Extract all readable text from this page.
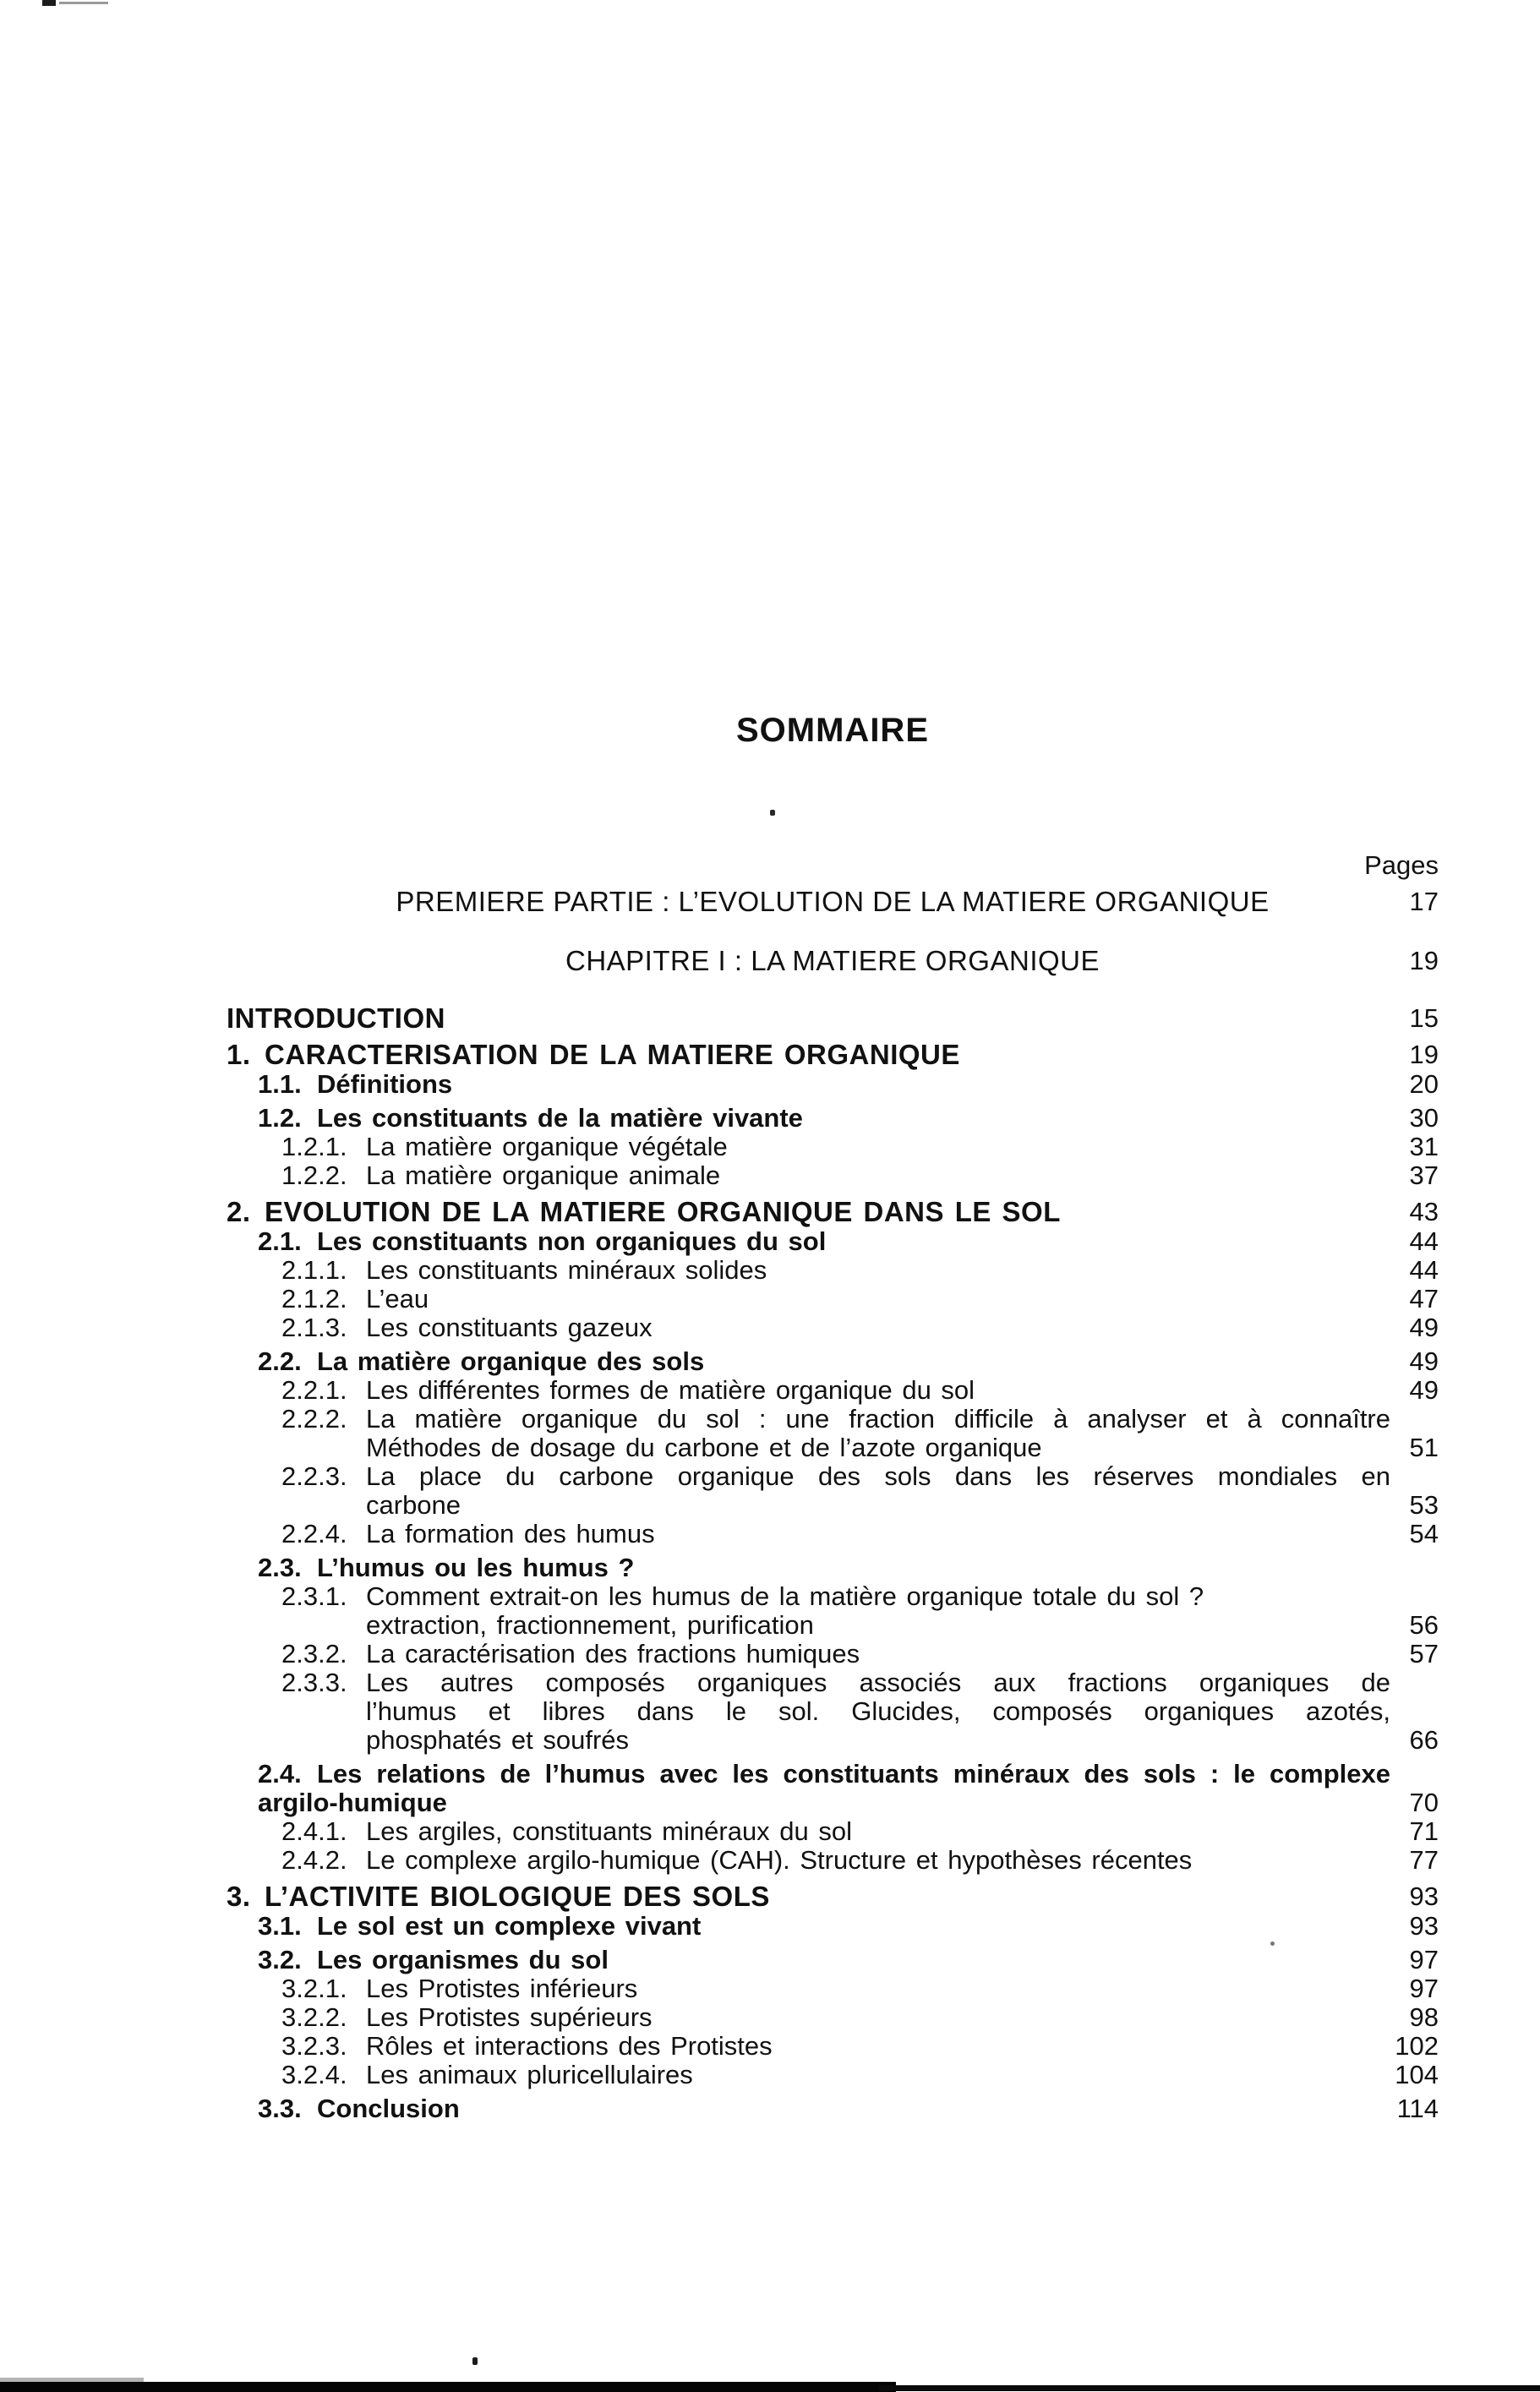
SOMMAIRE
Pages
PREMIERE PARTIE : L’EVOLUTION DE LA MATIERE ORGANIQUE	17
CHAPITRE I : LA MATIERE ORGANIQUE	19
INTRODUCTION	15
1. CARACTERISATION DE LA MATIERE ORGANIQUE	19
1.1. Définitions	20
1.2. Les constituants de la matière vivante	30
1.2.1. La matière organique végétale	31
1.2.2. La matière organique animale	37
2. EVOLUTION DE LA MATIERE ORGANIQUE DANS LE SOL	43
2.1. Les constituants non organiques du sol	44
2.1.1. Les constituants minéraux solides	44
2.1.2. L’eau	47
2.1.3. Les constituants gazeux	49
2.2. La matière organique des sols	49
2.2.1. Les différentes formes de matière organique du sol	49
2.2.2. La matière organique du sol : une fraction difficile à analyser et à connaître
Méthodes de dosage du carbone et de l’azote organique	51
2.2.3. La place du carbone organique des sols dans les réserves mondiales en
carbone	53
2.2.4. La formation des humus	54
2.3. L’humus ou les humus ?
2.3.1. Comment extrait-on les humus de la matière organique totale du sol ?
extraction, fractionnement, purification	56
2.3.2. La caractérisation des fractions humiques	57
2.3.3. Les autres composés organiques associés aux fractions organiques de
l’humus et libres dans le sol. Glucides, composés organiques azotés,
phosphatés et soufrés	66
2.4. Les relations de l’humus avec les constituants minéraux des sols : le complexe
argilo-humique	70
2.4.1. Les argiles, constituants minéraux du sol	71
2.4.2. Le complexe argilo-humique (CAH). Structure et hypothèses récentes	77
3. L’ACTIVITE BIOLOGIQUE DES SOLS	93
3.1. Le sol est un complexe vivant	93
3.2. Les organismes du sol	97
3.2.1. Les Protistes inférieurs	97
3.2.2. Les Protistes supérieurs	98
3.2.3. Rôles et interactions des Protistes	102
3.2.4. Les animaux pluricellulaires	104
3.3. Conclusion	114
